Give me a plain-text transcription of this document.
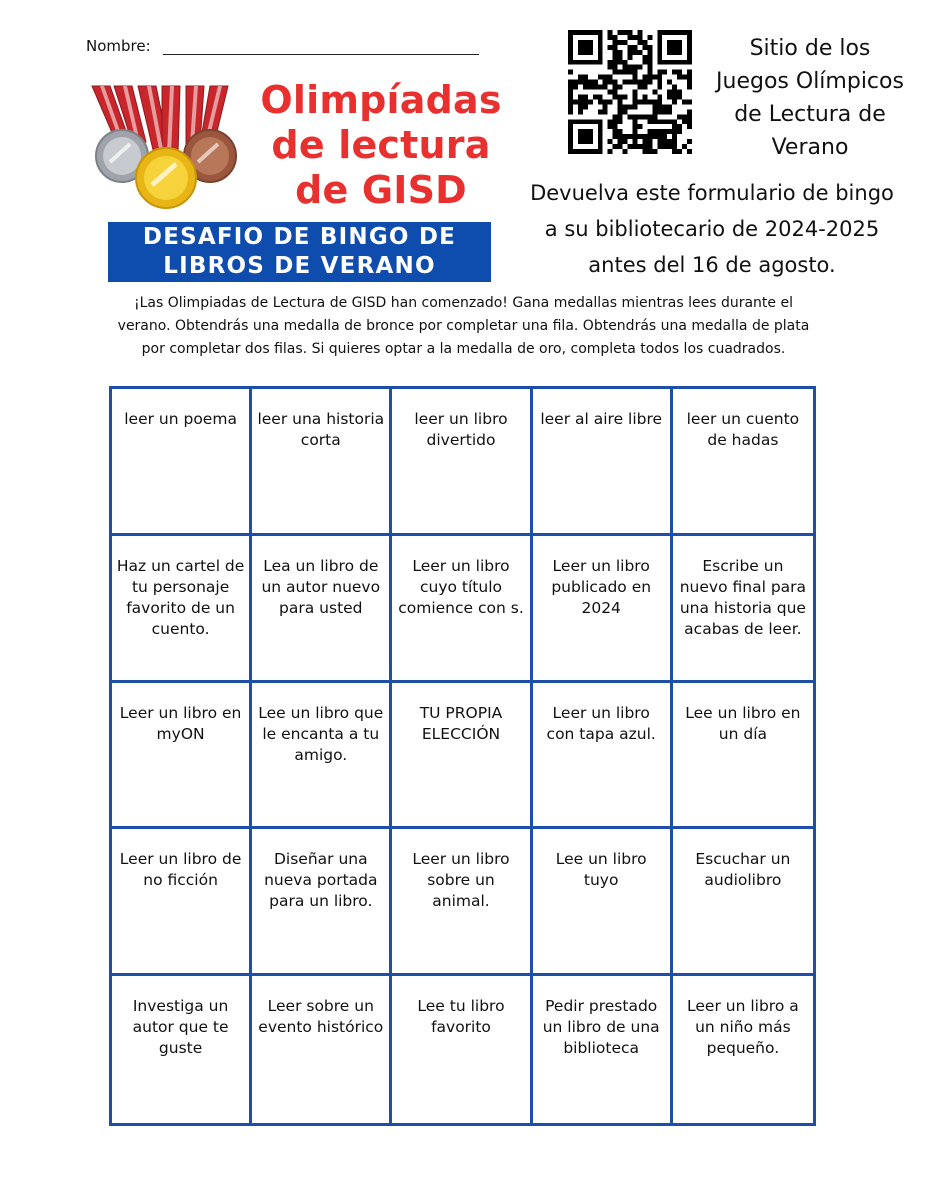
Nombre:
Olimpíadas
de lectura
de GISD
DESAFIO DE BINGO DE
LIBROS DE VERANO
Sitio de los
Juegos Olímpicos
de Lectura de
Verano
Devuelva este formulario de bingo
a su bibliotecario de 2024-2025
antes del 16 de agosto.
¡Las Olimpiadas de Lectura de GISD han comenzado! Gana medallas mientras lees durante el verano. Obtendrás una medalla de bronce por completar una fila. Obtendrás una medalla de plata por completar dos filas. Si quieres optar a la medalla de oro, completa todos los cuadrados.
leer un poema	leer una historia corta
leer un libro divertido
leer al aire libre	leer un cuento de hadas
Haz un cartel de tu personaje favorito de un cuento.
Lea un libro de un autor nuevo para usted
Leer un libro cuyo título comience con s.
Leer un libro publicado en 2024
Escribe un nuevo final para una historia que acabas de leer.
Leer un libro en myON
Lee un libro que le encanta a tu amigo.
TU PROPIA ELECCIÓN
Leer un libro con tapa azul.
Lee un libro en un día
Leer un libro de no ficción
Diseñar una nueva portada para un libro.
Leer un libro sobre un animal.
Lee un libro tuyo
Escuchar un audiolibro
Investiga un autor que te guste
Leer sobre un evento histórico
Lee tu libro favorito
Pedir prestado un libro de una biblioteca
Leer un libro a un niño más pequeño.
